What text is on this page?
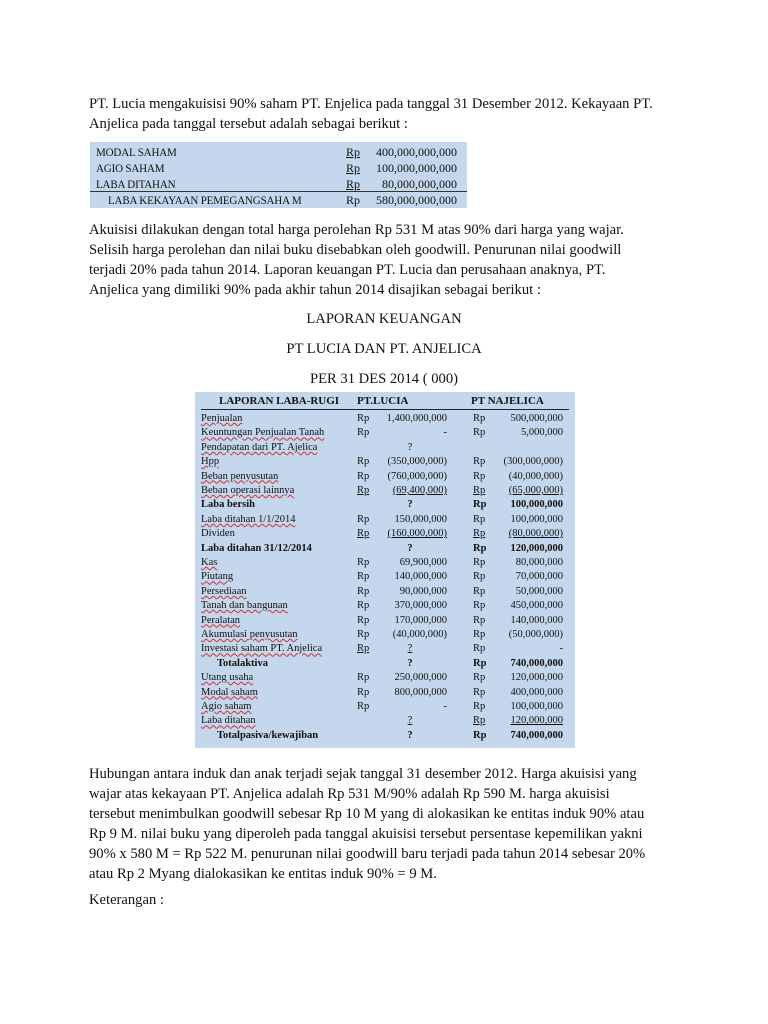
PT. Lucia mengakuisisi 90% saham PT. Enjelica pada tanggal 31 Desember 2012. Kekayaan PT.

Anjelica pada tanggal tersebut adalah sebagai berikut :

MODAL SAHAM	Rp 400,000,000,000
AGIO SAHAM	Rp 100,000,000,000
LABA DITAHAN	Rp 80,000,000,000
LABA KEKAYAAN PEMEGANGSAHA M	Rp 580,000,000,000

Akuisisi dilakukan dengan total harga perolehan Rp 531 M atas 90% dari harga yang wajar.

Selisih harga perolehan dan nilai buku disebabkan oleh goodwill. Penurunan nilai goodwill

terjadi 20% pada tahun 2014. Laporan keuangan PT. Lucia dan perusahaan anaknya, PT.

Anjelica yang dimiliki 90% pada akhir tahun 2014 disajikan sebagai berikut :

LAPORAN KEUANGAN
PT LUCIA DAN PT. ANJELICA
PER 31 DES 2014 ( 000)
LAPORAN LABA-RUGI PT.LUCIA	PT NAJELICA
Penjualan	Rp	1,400,000,000 Rp	500,000,000
Keuntungan Penjualan Tanah	Rp	- Rp	5,000,000
Pendapatan dari PT. Ajelica	?
Hpp	Rp	(350,000,000) Rp	(300,000,000)
Beban penyusutan	Rp	(760,000,000) Rp	(40,000,000)
Beban operasi lainnya	Rp	(69,400,000) Rp	(65,000,000)
Laba bersih	?	Rp	100,000,000
Laba ditahan 1/1/2014	Rp	150,000,000 Rp	100,000,000
Dividen	Rp	(160,000,000) Rp	(80,000,000)
Laba ditahan 31/12/2014	?	Rp	120,000,000
Kas	Rp	69,900,000 Rp	80,000,000
Piutang	Rp	140,000,000 Rp	70,000,000
Persediaan	Rp	90,000,000 Rp	50,000,000
Tanah dan bangunan	Rp	370,000,000 Rp	450,000,000
Peralatan	Rp	170,000,000 Rp	140,000,000
Akumulasi penyusutan	Rp	(40,000,000) Rp	(50,000,000)
Investasi saham PT. Anjelica	Rp	?	Rp	-
Totalaktiva	?	Rp	740,000,000
Utang usaha	Rp	250,000,000 Rp	120,000,000
Modal saham	Rp	800,000,000 Rp	400,000,000
Agio saham	Rp	- Rp	100,000,000
Laba ditahan	?	Rp	120,000,000
Totalpasiva/kewajiban	?	Rp	740,000,000

Hubungan antara induk dan anak terjadi sejak tanggal 31 desember 2012. Harga akuisisi yang

wajar atas kekayaan PT. Anjelica adalah Rp 531 M/90% adalah Rp 590 M. harga akuisisi

tersebut menimbulkan goodwill sebesar Rp 10 M yang di alokasikan ke entitas induk 90% atau

Rp 9 M. nilai buku yang diperoleh pada tanggal akuisisi tersebut persentase kepemilikan yakni

90% x 580 M = Rp 522 M. penurunan nilai goodwill baru terjadi pada tahun 2014 sebesar 20%

atau Rp 2 Myang dialokasikan ke entitas induk 90% = 9 M.

Keterangan :
